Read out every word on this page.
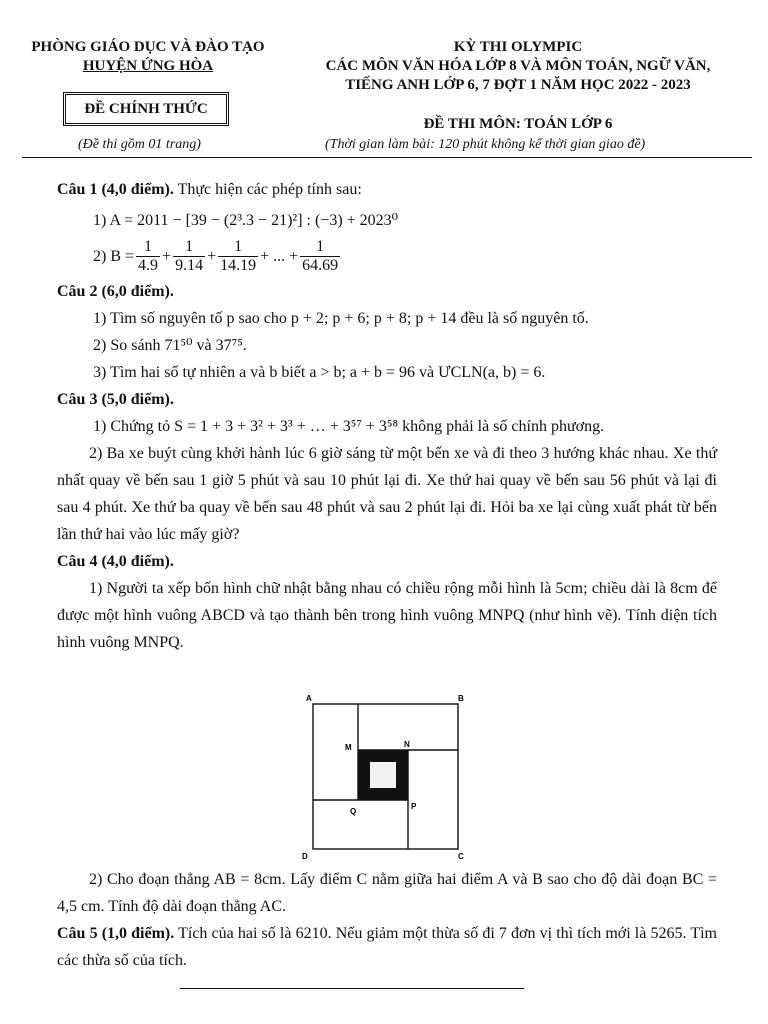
PHÒNG GIÁO DỤC VÀ ĐÀO TẠO
HUYỆN ỨNG HÒA
ĐỀ CHÍNH THỨC
(Đề thi gồm 01 trang)
KỲ THI OLYMPIC
CÁC MÔN VĂN HÓA LỚP 8 VÀ MÔN TOÁN, NGỮ VĂN,
TIẾNG ANH LỚP 6, 7 ĐỢT 1 NĂM HỌC 2022 - 2023
ĐỀ THI MÔN: TOÁN LỚP 6
(Thời gian làm bài: 120 phút không kể thời gian giao đề)

Câu 1 (4,0 điểm). Thực hiện các phép tính sau:

1) A = 2011 − [39 − (2³.3 − 21)²] : (−3) + 2023⁰

2) $B = \frac{1}{4.9} + \frac{1}{9.14} + \frac{1}{14.19}$ + ... + $\frac{1}{64.69}$

Câu 2 (6,0 điểm).

1) Tìm số nguyên tố p sao cho p + 2; p + 6; p + 8; p + 14 đều là số nguyên tố.

2) So sánh 71⁵⁰ và 37⁷⁵.

3) Tìm hai số tự nhiên a và b biết a > b; a + b = 96 và ƯCLN(a, b) = 6.

Câu 3 (5,0 điểm).

1) Chứng tỏ S = 1 + 3 + 3² + 3³ + … + 3⁵⁷ + 3⁵⁸ không phải là số chính phương.

2) Ba xe buýt cùng khởi hành lúc 6 giờ sáng từ một bến xe và đi theo 3 hướng khác nhau. Xe thứ nhất quay về bến sau 1 giờ 5 phút và sau 10 phút lại đi. Xe thứ hai quay về bến sau 56 phút và lại đi sau 4 phút. Xe thứ ba quay về bến sau 48 phút và sau 2 phút lại đi. Hỏi ba xe lại cùng xuất phát từ bến lần thứ hai vào lúc mấy giờ?

Câu 4 (4,0 điểm).

1) Người ta xếp bốn hình chữ nhật bằng nhau có chiều rộng mỗi hình là 5cm; chiều dài là 8cm để được một hình vuông ABCD và tạo thành bên trong hình vuông MNPQ (như hình vẽ). Tính diện tích hình vuông MNPQ.

A	B
D	C
M	N
P
Q

2) Cho đoạn thẳng AB = 8cm. Lấy điểm C nằm giữa hai điểm A và B sao cho độ dài đoạn BC = 4,5 cm. Tính độ dài đoạn thẳng AC.

Câu 5 (1,0 điểm). Tích của hai số là 6210. Nếu giảm một thừa số đi 7 đơn vị thì tích mới là 5265. Tìm các thừa số của tích.
